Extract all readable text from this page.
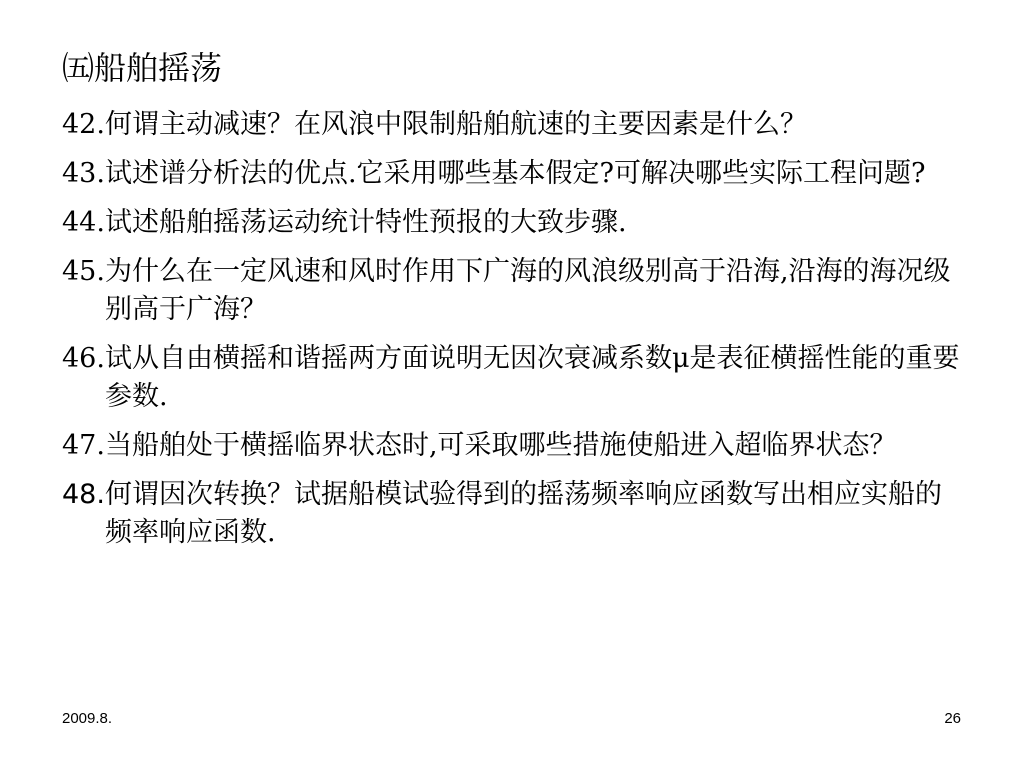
㈤船舶摇荡
42. 何谓主动减速？在风浪中限制船舶航速的主要因素是什么？
43. 试述谱分析法的优点.它采用哪些基本假定?可解决哪些实际工程问题?
44. 试述船舶摇荡运动统计特性预报的大致步骤.
45. 为什么在一定风速和风时作用下广海的风浪级别高于沿海,沿海的海况级别高于广海？
46. 试从自由横摇和谐摇两方面说明无因次衰减系数μ是表征横摇性能的重要参数.
47. 当船舶处于横摇临界状态时,可采取哪些措施使船进入超临界状态？
48. 何谓因次转换？试据船模试验得到的摇荡频率响应函数写出相应实船的频率响应函数.
2009.8.	26
